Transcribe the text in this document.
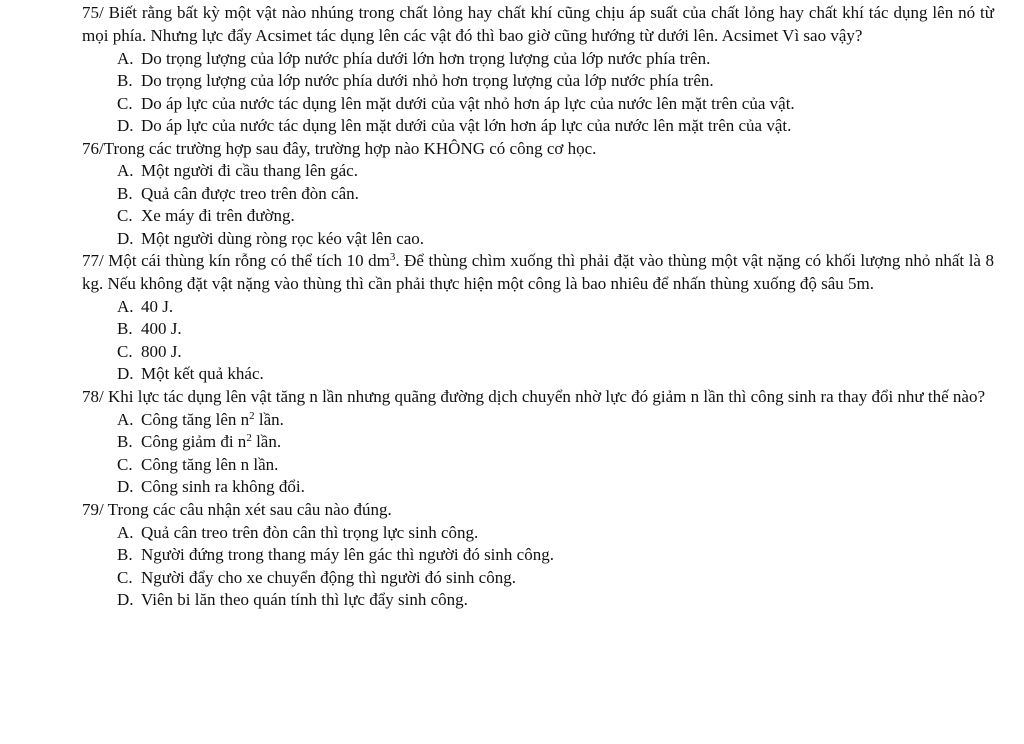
75/ Biết rằng bất kỳ một vật nào nhúng trong chất lỏng hay chất khí cũng chịu áp suất của chất lỏng hay chất khí tác dụng lên nó từ mọi phía. Nhưng lực đẩy Acsimet tác dụng lên các vật đó thì bao giờ cũng hướng từ dưới lên. Acsimet Vì sao vậy?

A. Do trọng lượng của lớp nước phía dưới lớn hơn trọng lượng của lớp nước phía trên.
B. Do trọng lượng của lớp nước phía dưới nhỏ hơn trọng lượng của lớp nước phía trên.
C. Do áp lực của nước tác dụng lên mặt dưới của vật nhỏ hơn áp lực của nước lên mặt trên của vật.
D. Do áp lực của nước tác dụng lên mặt dưới của vật lớn hơn áp lực của nước lên mặt trên của vật.

76/Trong các trường hợp sau đây, trường hợp nào KHÔNG có công cơ học.

A. Một người đi cầu thang lên gác.
B. Quả cân được treo trên đòn cân.
C. Xe máy đi trên đường.
D. Một người dùng ròng rọc kéo vật lên cao.

77/ Một cái thùng kín rỗng có thể tích 10 $dm^3$. Để thùng chìm xuống thì phải đặt vào thùng một vật nặng có khối lượng nhỏ nhất là 8 kg. Nếu không đặt vật nặng vào thùng thì cần phải thực hiện một công là bao nhiêu để nhấn thùng xuống độ sâu 5m.

A. 40 J.
B. 400 J.
C. 800 J.
D. Một kết quả khác.

78/ Khi lực tác dụng lên vật tăng n lần nhưng quãng đường dịch chuyển nhờ lực đó giảm n lần thì công sinh ra thay đổi như thế nào?

A. Công tăng lên $n^2$ lần.
B. Công giảm đi $n^2$ lần.
C. Công tăng lên n lần.
D. Công sinh ra không đổi.

79/ Trong các câu nhận xét sau câu nào đúng.

A. Quả cân treo trên đòn cân thì trọng lực sinh công.
B. Người đứng trong thang máy lên gác thì người đó sinh công.
C. Người đẩy cho xe chuyển động thì người đó sinh công.
D. Viên bi lăn theo quán tính thì lực đẩy sinh công.
